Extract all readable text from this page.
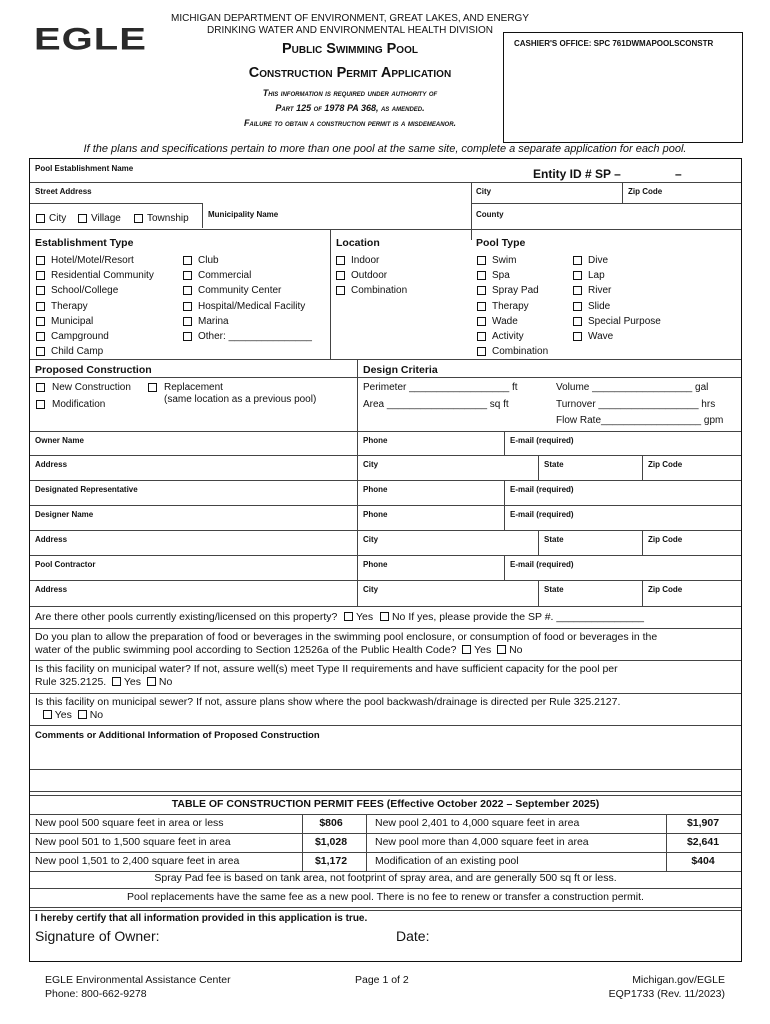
EGLE
MICHIGAN DEPARTMENT OF ENVIRONMENT, GREAT LAKES, AND ENERGY
DRINKING WATER AND ENVIRONMENTAL HEALTH DIVISION
Public Swimming Pool
Construction Permit Application
This information is required under authority of
Part 125 of 1978 PA 368, as amended.
Failure to obtain a construction permit is a misdemeanor.
CASHIER'S OFFICE: SPC 761DWMAPOOLSCONSTR
If the plans and specifications pertain to more than one pool at the same site, complete a separate application for each pool.
Pool Establishment Name	Entity ID # SP –	–
Street Address	City	Zip Code
City Village	Township Municipality Name	County
Establishment Type	Location	Pool Type
Hotel/Motel/Resort
Residential Community
School/College
Therapy
Municipal
Campground
Child Camp
Club
Commercial
Community Center
Hospital/Medical Facility
Marina
Other: _______________
Indoor
Outdoor
Combination
Swim
Spa
Spray Pad
Therapy
Wade
Activity
Combination
Dive
Lap
River
Slide
Special Purpose
Wave
Proposed Construction	Design Criteria
New Construction	Replacement
(same location as a previous pool)
Modification
Perimeter __________________ ft
Area __________________ sq ft
Volume __________________ gal
Turnover __________________ hrs
Flow Rate__________________ gpm
Owner Name	Phone	E-mail (required)
Address	City	State	Zip Code
Designated Representative	Phone	E-mail (required)
Designer Name	Phone	E-mail (required)
Address	City	State	Zip Code
Pool Contractor	Phone	E-mail (required)
Address	City	State	Zip Code
Are there other pools currently existing/licensed on this property? Yes No If yes, please provide the SP #. _______________
Do you plan to allow the preparation of food or beverages in the swimming pool enclosure, or consumption of food or beverages in the
water of the public swimming pool according to Section 12526a of the Public Health Code? Yes No
Is this facility on municipal water? If not, assure well(s) meet Type II requirements and have sufficient capacity for the pool per
Rule 325.2125. Yes No
Is this facility on municipal sewer? If not, assure plans show where the pool backwash/drainage is directed per Rule 325.2127.
Yes No
Comments or Additional Information of Proposed Construction
TABLE OF CONSTRUCTION PERMIT FEES (Effective October 2022 – September 2025)
New pool 500 square feet in area or less	$806	New pool 2,401 to 4,000 square feet in area	$1,907
New pool 501 to 1,500 square feet in area	$1,028	New pool more than 4,000 square feet in area	$2,641
New pool 1,501 to 2,400 square feet in area	$1,172	Modification of an existing pool	$404
Spray Pad fee is based on tank area, not footprint of spray area, and are generally 500 sq ft or less.
Pool replacements have the same fee as a new pool. There is no fee to renew or transfer a construction permit.
I hereby certify that all information provided in this application is true.
Signature of Owner:	Date:
EGLE Environmental Assistance Center
Phone: 800-662-9278
Page 1 of 2	Michigan.gov/EGLE
EQP1733 (Rev. 11/2023)
